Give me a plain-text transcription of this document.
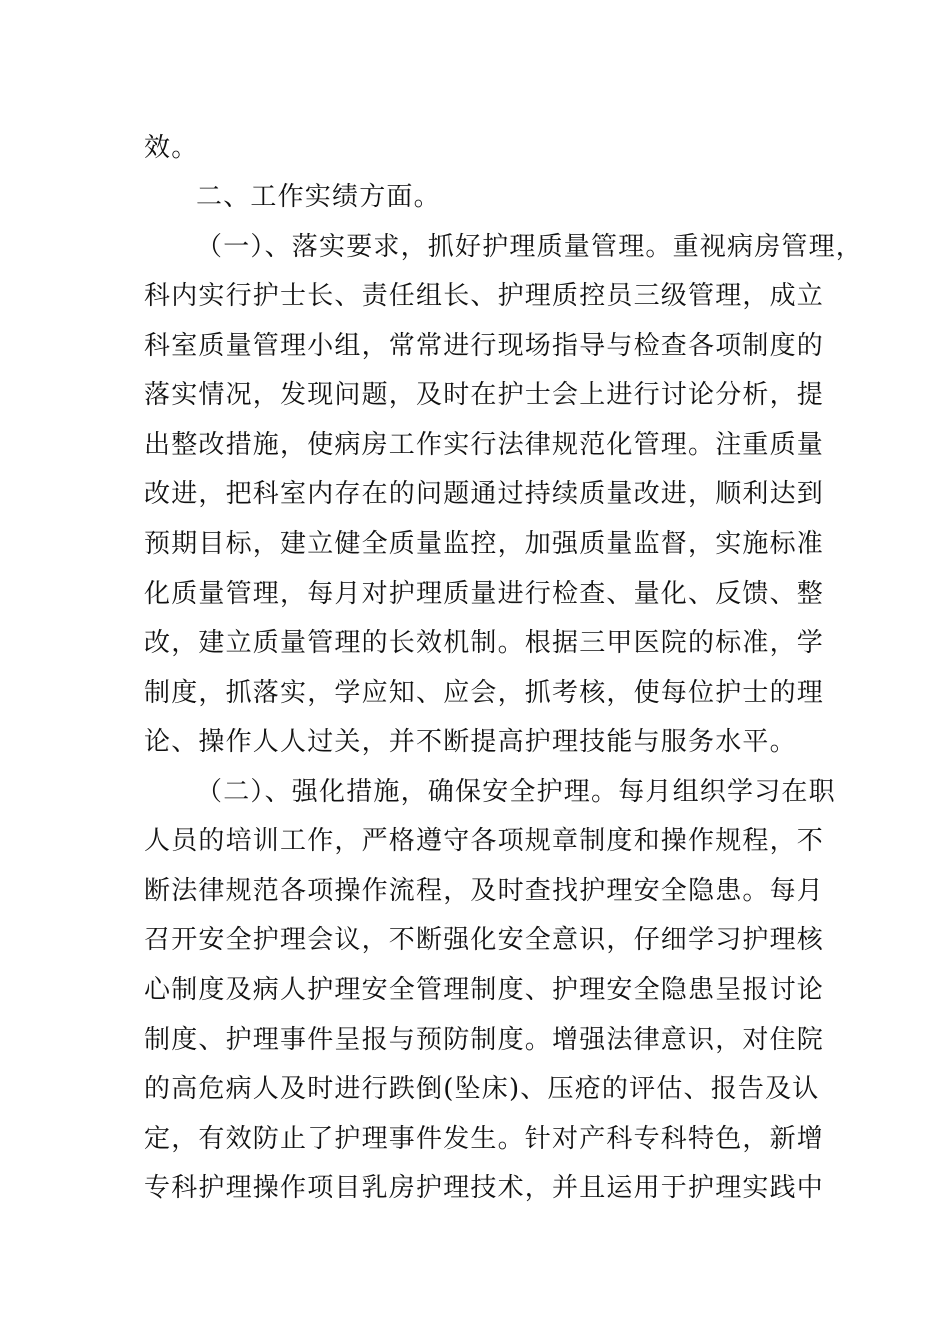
效。
二、工作实绩方面。
（一）、落实要求，抓好护理质量管理。重视病房管理，
科内实行护士长、责任组长、护理质控员三级管理，成立
科室质量管理小组，常常进行现场指导与检查各项制度的
落实情况，发现问题，及时在护士会上进行讨论分析，提
出整改措施，使病房工作实行法律规范化管理。注重质量
改进，把科室内存在的问题通过持续质量改进，顺利达到
预期目标，建立健全质量监控，加强质量监督，实施标准
化质量管理，每月对护理质量进行检查、量化、反馈、整
改，建立质量管理的长效机制。根据三甲医院的标准，学
制度，抓落实，学应知、应会，抓考核，使每位护士的理
论、操作人人过关，并不断提高护理技能与服务水平。
（二）、强化措施，确保安全护理。每月组织学习在职
人员的培训工作，严格遵守各项规章制度和操作规程，不
断法律规范各项操作流程，及时查找护理安全隐患。每月
召开安全护理会议，不断强化安全意识，仔细学习护理核
心制度及病人护理安全管理制度、护理安全隐患呈报讨论
制度、护理事件呈报与预防制度。增强法律意识，对住院
的高危病人及时进行跌倒(坠床)、压疮的评估、报告及认
定，有效防止了护理事件发生。针对产科专科特色，新增
专科护理操作项目乳房护理技术，并且运用于护理实践中
